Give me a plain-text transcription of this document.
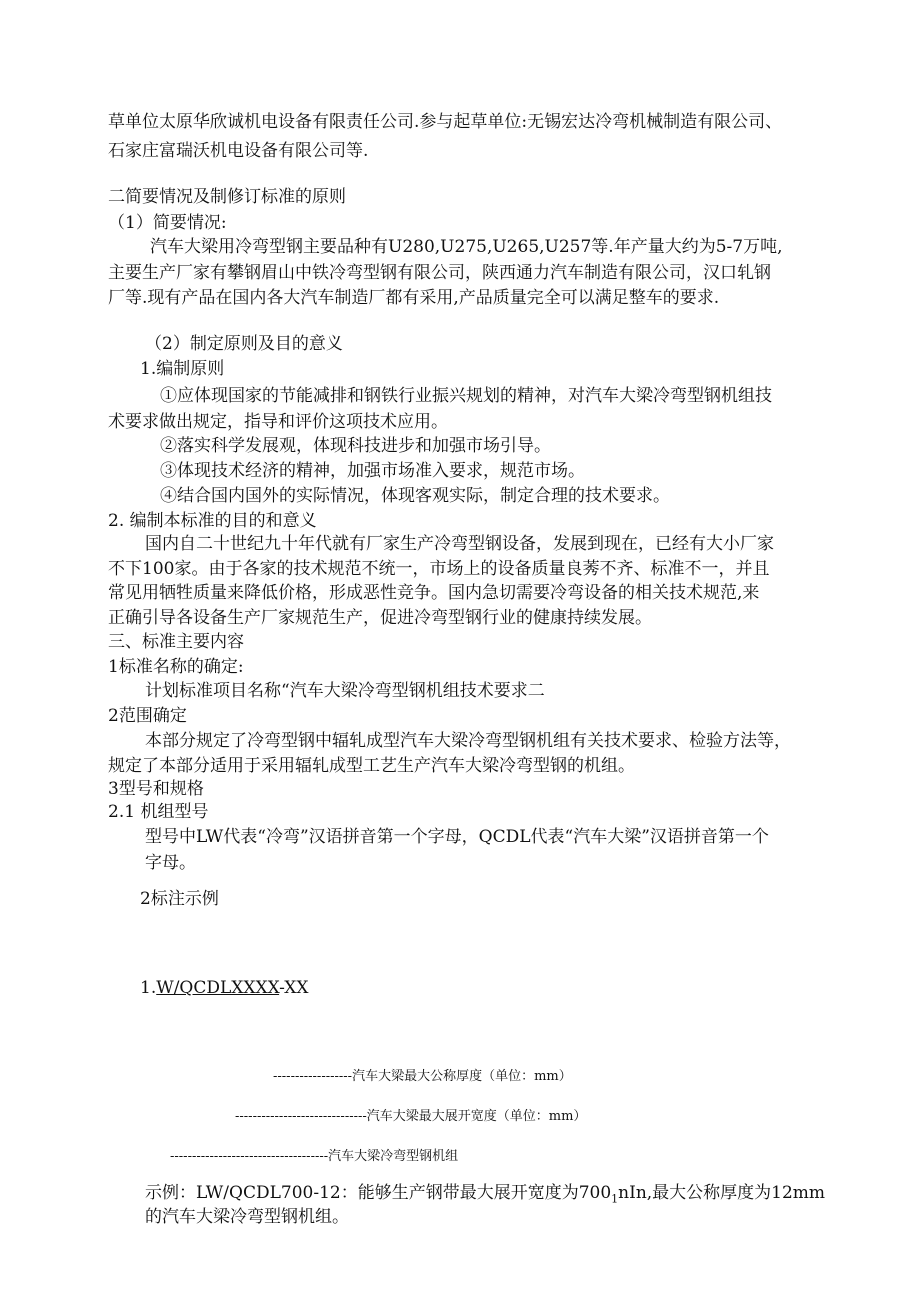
草单位太原华欣诚机电设备有限责任公司.参与起草单位:无锡宏达冷弯机械制造有限公司、
石家庄富瑞沃机电设备有限公司等.
二简要情况及制修订标准的原则
（1）简要情况:
汽车大梁用冷弯型钢主要品种有U280,U275,U265,U257等.年产量大约为5-7万吨,
主要生产厂家有攀钢眉山中铁冷弯型钢有限公司，陕西通力汽车制造有限公司，汉口轧钢
厂等.现有产品在国内各大汽车制造厂都有采用,产品质量完全可以满足整车的要求.
（2）制定原则及目的意义
1.编制原则
①应体现国家的节能减排和钢铁行业振兴规划的精神，对汽车大梁冷弯型钢机组技
术要求做出规定，指导和评价这项技术应用。
②落实科学发展观，体现科技进步和加强市场引导。
③体现技术经济的精神，加强市场准入要求，规范市场。
④结合国内国外的实际情况，体现客观实际，制定合理的技术要求。
2. 编制本标准的目的和意义
国内自二十世纪九十年代就有厂家生产冷弯型钢设备，发展到现在，已经有大小厂家
不下100家。由于各家的技术规范不统一，市场上的设备质量良莠不齐、标准不一，并且
常见用牺牲质量来降低价格，形成恶性竞争。国内急切需要冷弯设备的相关技术规范,来
正确引导各设备生产厂家规范生产，促进冷弯型钢行业的健康持续发展。
三、标准主要内容
1标准名称的确定:
计划标准项目名称“汽车大梁冷弯型钢机组技术要求二
2范围确定
本部分规定了冷弯型钢中辐轧成型汽车大梁冷弯型钢机组有关技术要求、检验方法等，
规定了本部分适用于采用辐轧成型工艺生产汽车大梁冷弯型钢的机组。
3型号和规格
2.1 机组型号
型号中LW代表“冷弯”汉语拼音第一个字母，QCDL代表“汽车大梁”汉语拼音第一个
字母。
2标注示例
1.W/QCDLXXXX-XX
------------------汽车大梁最大公称厚度（单位：mm）
------------------------------汽车大梁最大展开宽度（单位：mm）
------------------------------------汽车大梁冷弯型钢机组
示例：LW/QCDL700-12：能够生产钢带最大展开宽度为$700_1nIn$,最大公称厚度为12mm
的汽车大梁冷弯型钢机组。
